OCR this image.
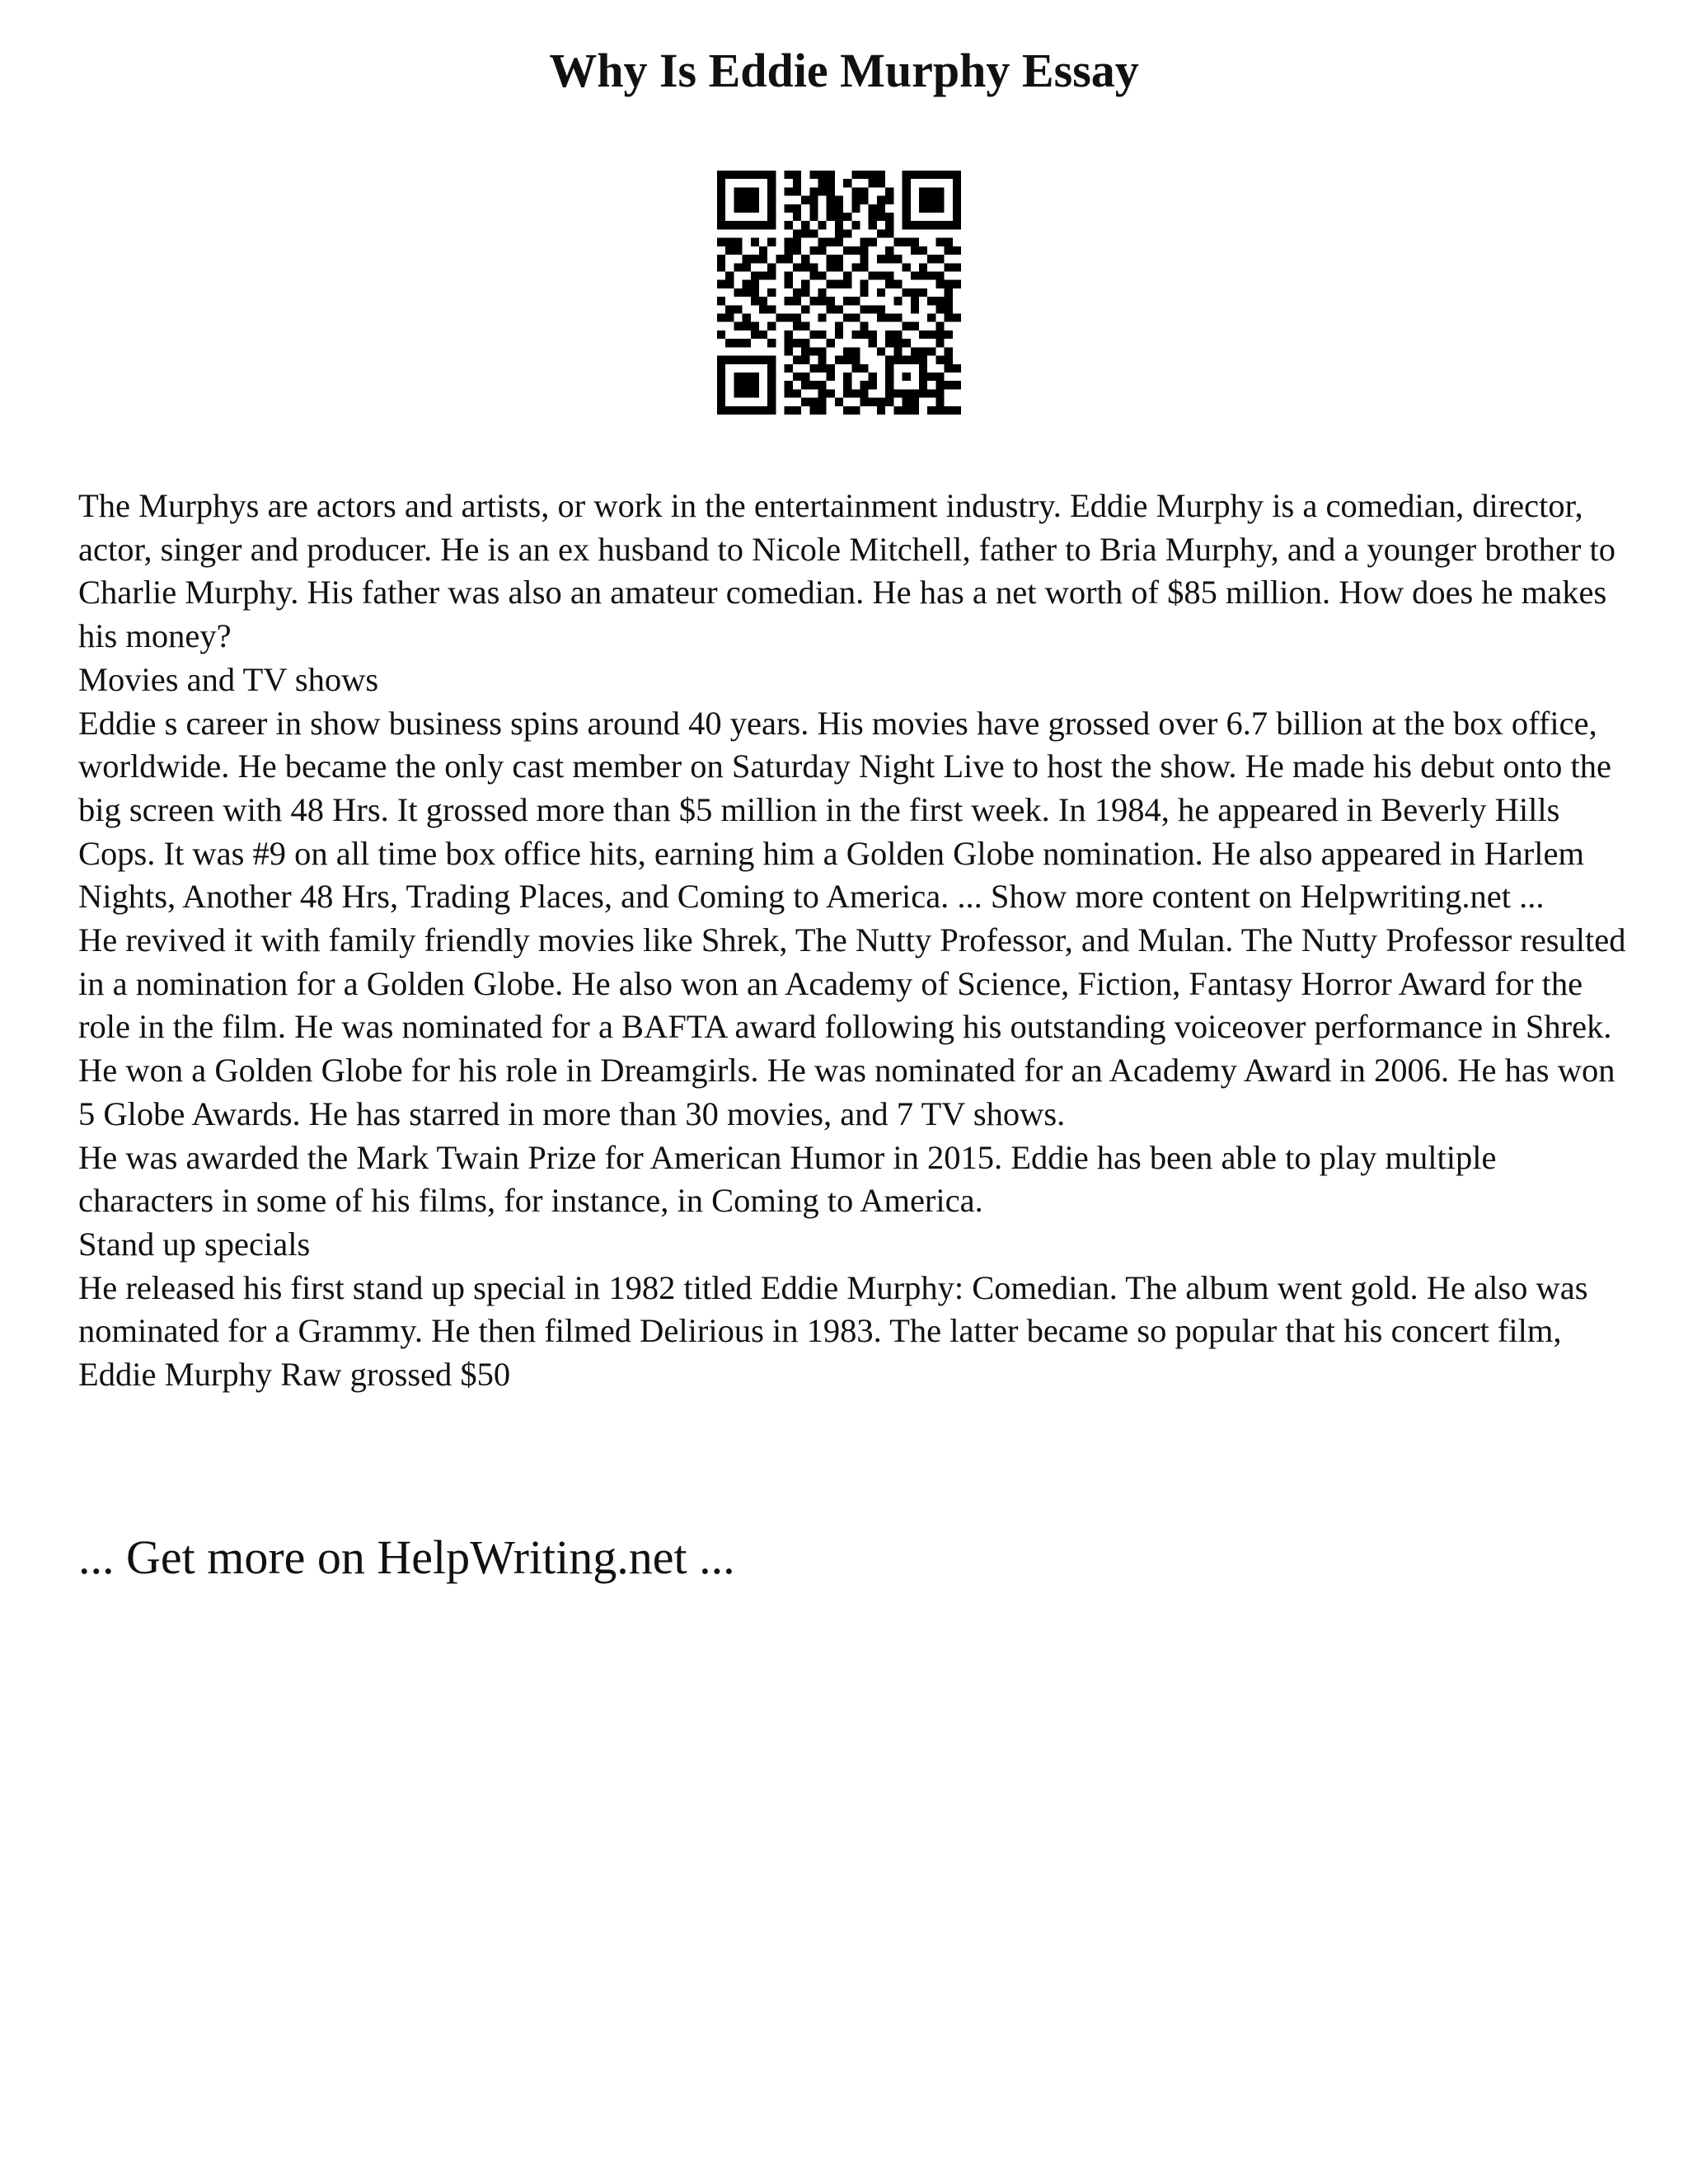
Why Is Eddie Murphy Essay

The Murphys are actors and artists, or work in the entertainment industry. Eddie Murphy is a comedian, director, actor, singer and producer. He is an ex husband to Nicole Mitchell, father to Bria Murphy, and a younger brother to Charlie Murphy. His father was also an amateur comedian. He has a net worth of $85 million. How does he makes his money?

Movies and TV shows

Eddie s career in show business spins around 40 years. His movies have grossed over 6.7 billion at the box office, worldwide. He became the only cast member on Saturday Night Live to host the show. He made his debut onto the big screen with 48 Hrs. It grossed more than $5 million in the first week. In 1984, he appeared in Beverly Hills Cops. It was #9 on all time box office hits, earning him a Golden Globe nomination. He also appeared in Harlem Nights, Another 48 Hrs, Trading Places, and Coming to America. ... Show more content on Helpwriting.net ...

He revived it with family friendly movies like Shrek, The Nutty Professor, and Mulan. The Nutty Professor resulted in a nomination for a Golden Globe. He also won an Academy of Science, Fiction, Fantasy Horror Award for the role in the film. He was nominated for a BAFTA award following his outstanding voiceover performance in Shrek.

He won a Golden Globe for his role in Dreamgirls. He was nominated for an Academy Award in 2006. He has won 5 Globe Awards. He has starred in more than 30 movies, and 7 TV shows.

He was awarded the Mark Twain Prize for American Humor in 2015. Eddie has been able to play multiple characters in some of his films, for instance, in Coming to America.

Stand up specials

He released his first stand up special in 1982 titled Eddie Murphy: Comedian. The album went gold. He also was nominated for a Grammy. He then filmed Delirious in 1983. The latter became so popular that his concert film, Eddie Murphy Raw grossed $50

... Get more on HelpWriting.net ...
